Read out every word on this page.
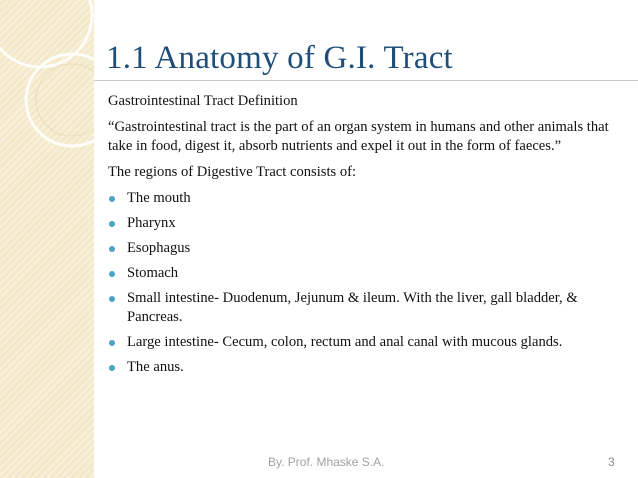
1.1 Anatomy of G.I. Tract

Gastrointestinal Tract Definition

“Gastrointestinal tract is the part of an organ system in humans and other animals that take in food, digest it, absorb nutrients and expel it out in the form of faeces.”

The regions of Digestive Tract consists of:

The mouth
Pharynx
Esophagus
Stomach
Small intestine- Duodenum, Jejunum & ileum. With the liver, gall bladder, & Pancreas.
Large intestine- Cecum, colon, rectum and anal canal with mucous glands.
The anus.
By. Prof. Mhaske S.A.	3
